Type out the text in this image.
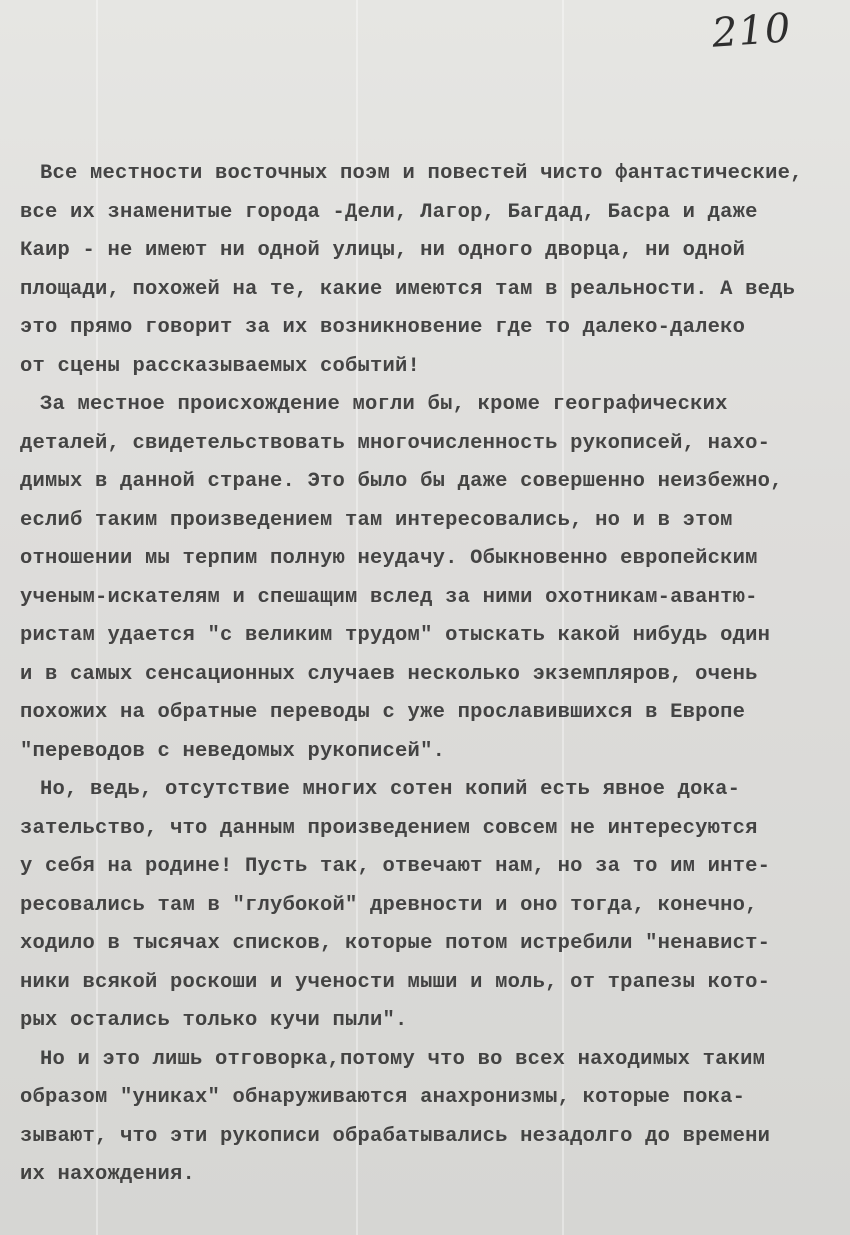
210
Все местности восточных поэм и повестей чисто фантастические,
все их знаменитые города -Дели, Лагор, Багдад, Басра и даже
Каир - не имеют ни одной улицы, ни одного дворца, ни одной
площади, похожей на те, какие имеются там в реальности. А ведь
это прямо говорит за их возникновение где то далеко-далеко
от сцены рассказываемых событий!
За местное происхождение могли бы, кроме географических
деталей, свидетельствовать многочисленность рукописей, нахо-
димых в данной стране. Это было бы даже совершенно неизбежно,
еслиб таким произведением там интересовались, но и в этом
отношении мы терпим полную неудачу. Обыкновенно европейским
ученым-искателям и спешащим вслед за ними охотникам-авантю-
ристам удается "с великим трудом" отыскать какой нибудь один
и в самых сенсационных случаев несколько экземпляров, очень
похожих на обратные переводы с уже прославившихся в Европе
"переводов с неведомых рукописей".
Но, ведь, отсутствие многих сотен копий есть явное дока-
зательство, что данным произведением совсем не интересуются
у себя на родине! Пусть так, отвечают нам, но за то им инте-
ресовались там в "глубокой" древности и оно тогда, конечно,
ходило в тысячах списков, которые потом истребили "ненавист-
ники всякой роскоши и учености мыши и моль, от трапезы кото-
рых остались только кучи пыли".
Но и это лишь отговорка,потому что во всех находимых таким
образом "униках" обнаруживаются анахронизмы, которые пока-
зывают, что эти рукописи обрабатывались незадолго до времени
их нахождения.
